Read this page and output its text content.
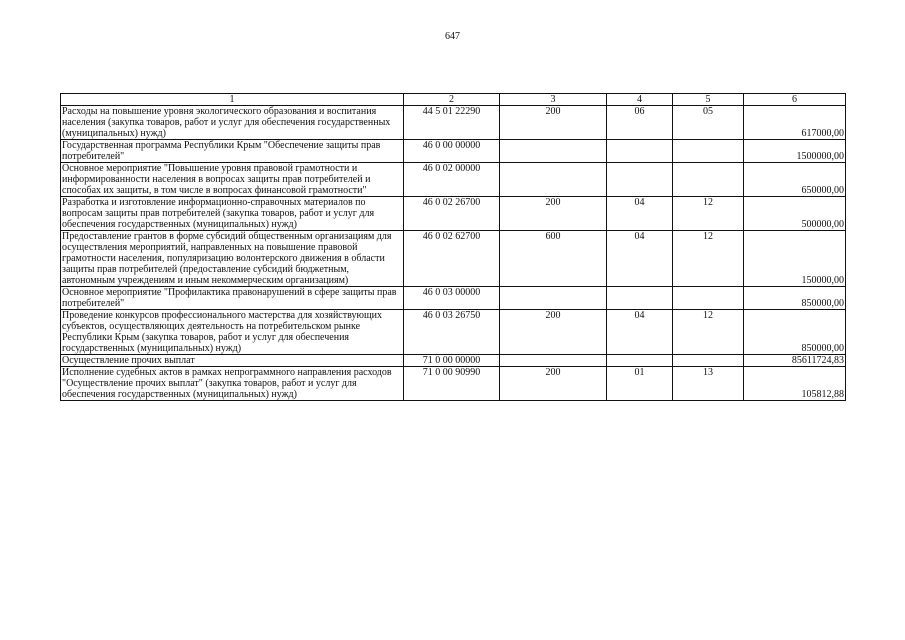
647
1	2	3	4	5	6
Расходы на повышение уровня экологического образования и воспитания населения (закупка товаров, работ и услуг для обеспечения государственных (муниципальных) нужд)	44 5 01 22290	200	06	05	617000,00
Государственная программа Республики Крым "Обеспечение защиты прав потребителей"	46 0 00 00000				1500000,00
Основное мероприятие "Повышение уровня правовой грамотности и информированности населения в вопросах защиты прав потребителей и способах их защиты, в том числе в вопросах финансовой грамотности"	46 0 02 00000				650000,00
Разработка и изготовление информационно-справочных материалов по вопросам защиты прав потребителей (закупка товаров, работ и услуг для обеспечения государственных (муниципальных) нужд)	46 0 02 26700	200	04	12	500000,00
Предоставление грантов в форме субсидий общественным организациям для осуществления мероприятий, направленных на повышение правовой грамотности населения, популяризацию волонтерского движения в области защиты прав потребителей (предоставление субсидий бюджетным, автономным учреждениям и иным некоммерческим организациям)	46 0 02 62700	600	04	12	150000,00
Основное мероприятие "Профилактика правонарушений в сфере защиты прав потребителей"	46 0 03 00000				850000,00
Проведение конкурсов профессионального мастерства для хозяйствующих субъектов, осуществляющих деятельность на потребительском рынке Республики Крым (закупка товаров, работ и услуг для обеспечения государственных (муниципальных) нужд)	46 0 03 26750	200	04	12	850000,00
Осуществление прочих выплат	71 0 00 00000				85611724,83
Исполнение судебных актов в рамках непрограммного направления расходов "Осуществление прочих выплат" (закупка товаров, работ и услуг для обеспечения государственных (муниципальных) нужд)	71 0 00 90990	200	01	13	105812,88
